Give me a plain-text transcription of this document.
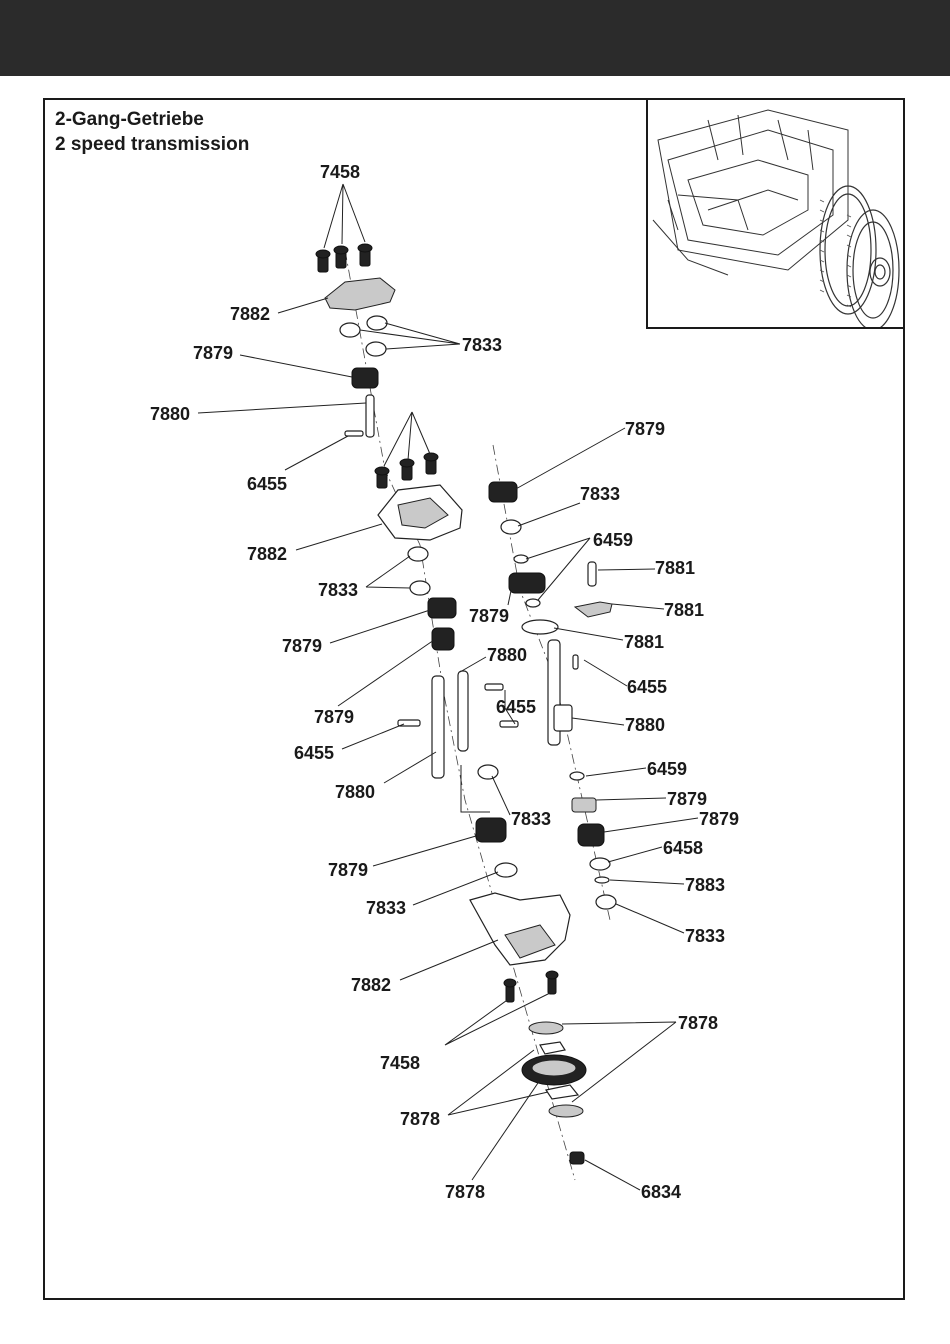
2-Gang-Getriebe
2 speed transmission
7458
7882
7833
7879
7880
6455
7882
7833
7879
7879
6455
7880
7880
6455
7833
7879
7833
7882
7458
7878
7879
7833
6459
7881
7881
7879
7881
6455
7880
6459
7879
7879
6458
7883
7833
7878
7878	6834
